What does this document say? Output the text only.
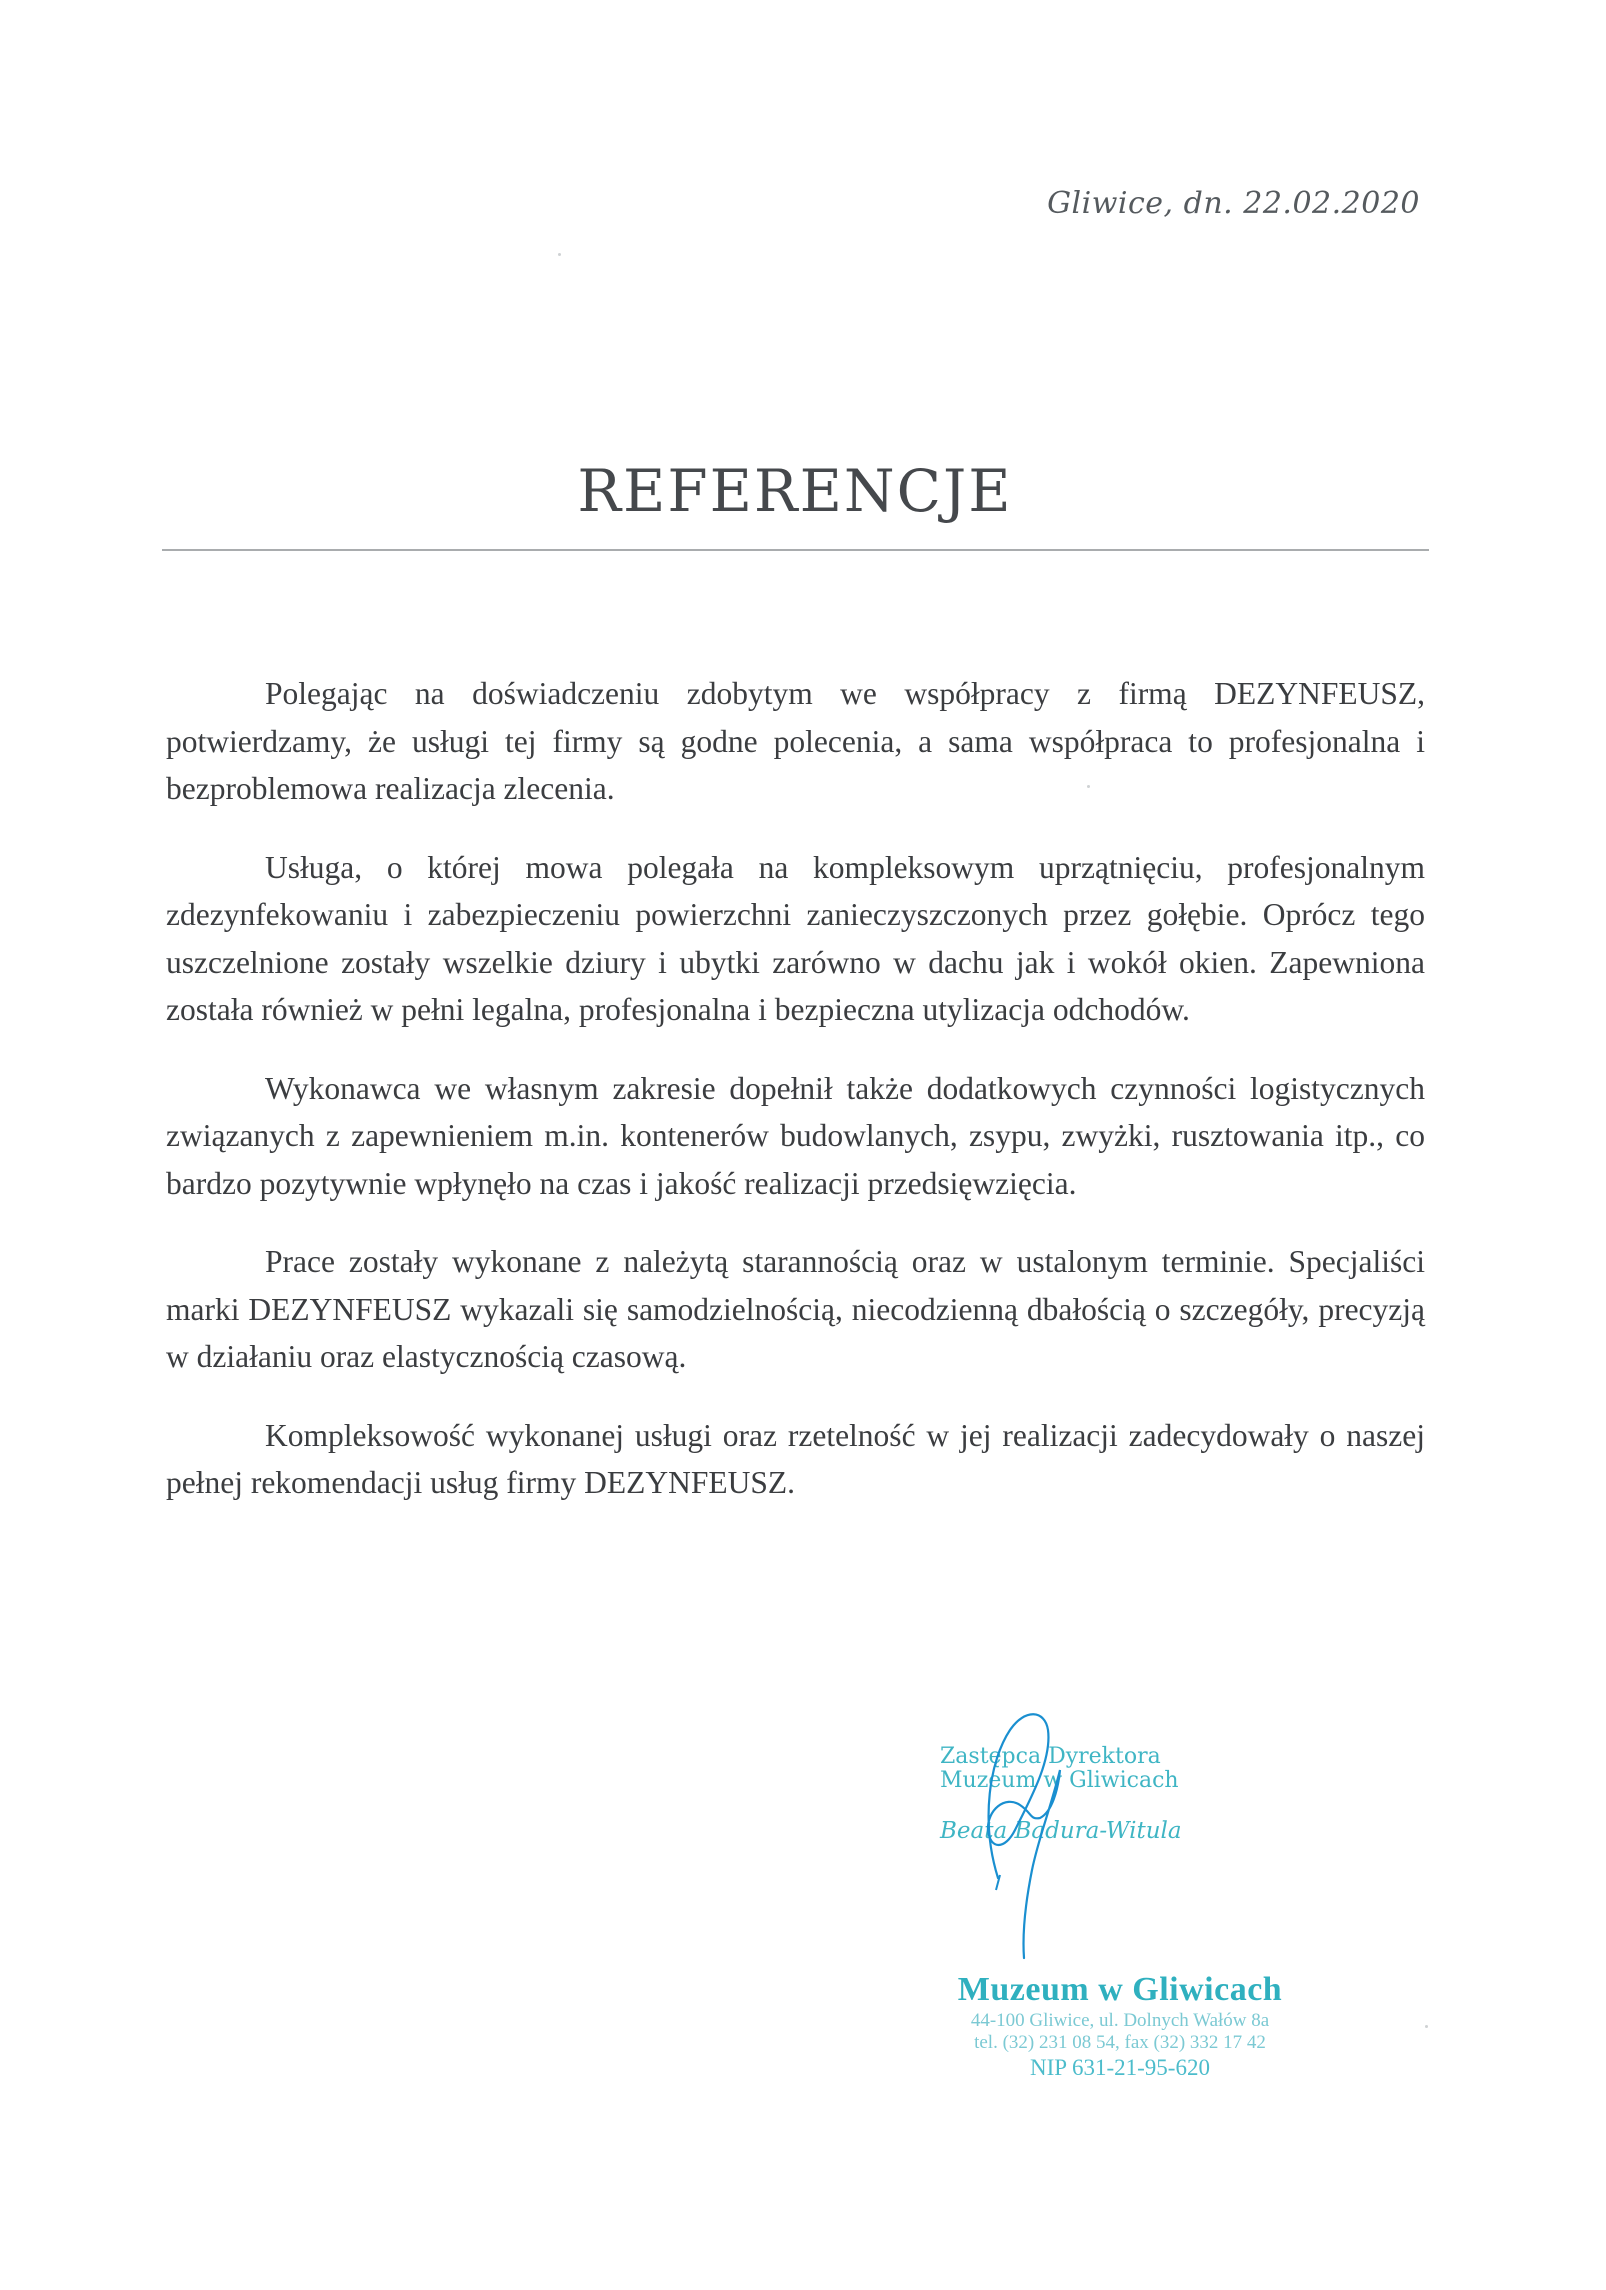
Gliwice, dn. 22.02.2020
REFERENCJE

Polegając na doświadczeniu zdobytym we współpracy z firmą DEZYNFEUSZ, potwierdzamy, że usługi tej firmy są godne polecenia, a sama współpraca to profesjonalna i bezproblemowa realizacja zlecenia.

Usługa, o której mowa polegała na kompleksowym uprzątnięciu, profesjonalnym zdezynfekowaniu i zabezpieczeniu powierzchni zanieczyszczonych przez gołębie. Oprócz tego uszczelnione zostały wszelkie dziury i ubytki zarówno w dachu jak i wokół okien. Zapewniona została również w pełni legalna, profesjonalna i bezpieczna utylizacja odchodów.

Wykonawca we własnym zakresie dopełnił także dodatkowych czynności logistycznych związanych z zapewnieniem m.in. kontenerów budowlanych, zsypu, zwyżki, rusztowania itp., co bardzo pozytywnie wpłynęło na czas i jakość realizacji przedsięwzięcia.

Prace zostały wykonane z należytą starannością oraz w ustalonym terminie. Specjaliści marki DEZYNFEUSZ wykazali się samodzielnością, niecodzienną dbałością o szczegóły, precyzją w działaniu oraz elastycznością czasową.

Kompleksowość wykonanej usługi oraz rzetelność w jej realizacji zadecydowały o naszej pełnej rekomendacji usług firmy DEZYNFEUSZ.

Zastępca Dyrektora
Muzeum w Gliwicach
Beata Badura-Witula
Muzeum w Gliwicach
44-100 Gliwice, ul. Dolnych Wałów 8a
tel. (32) 231 08 54, fax (32) 332 17 42
NIP 631-21-95-620
